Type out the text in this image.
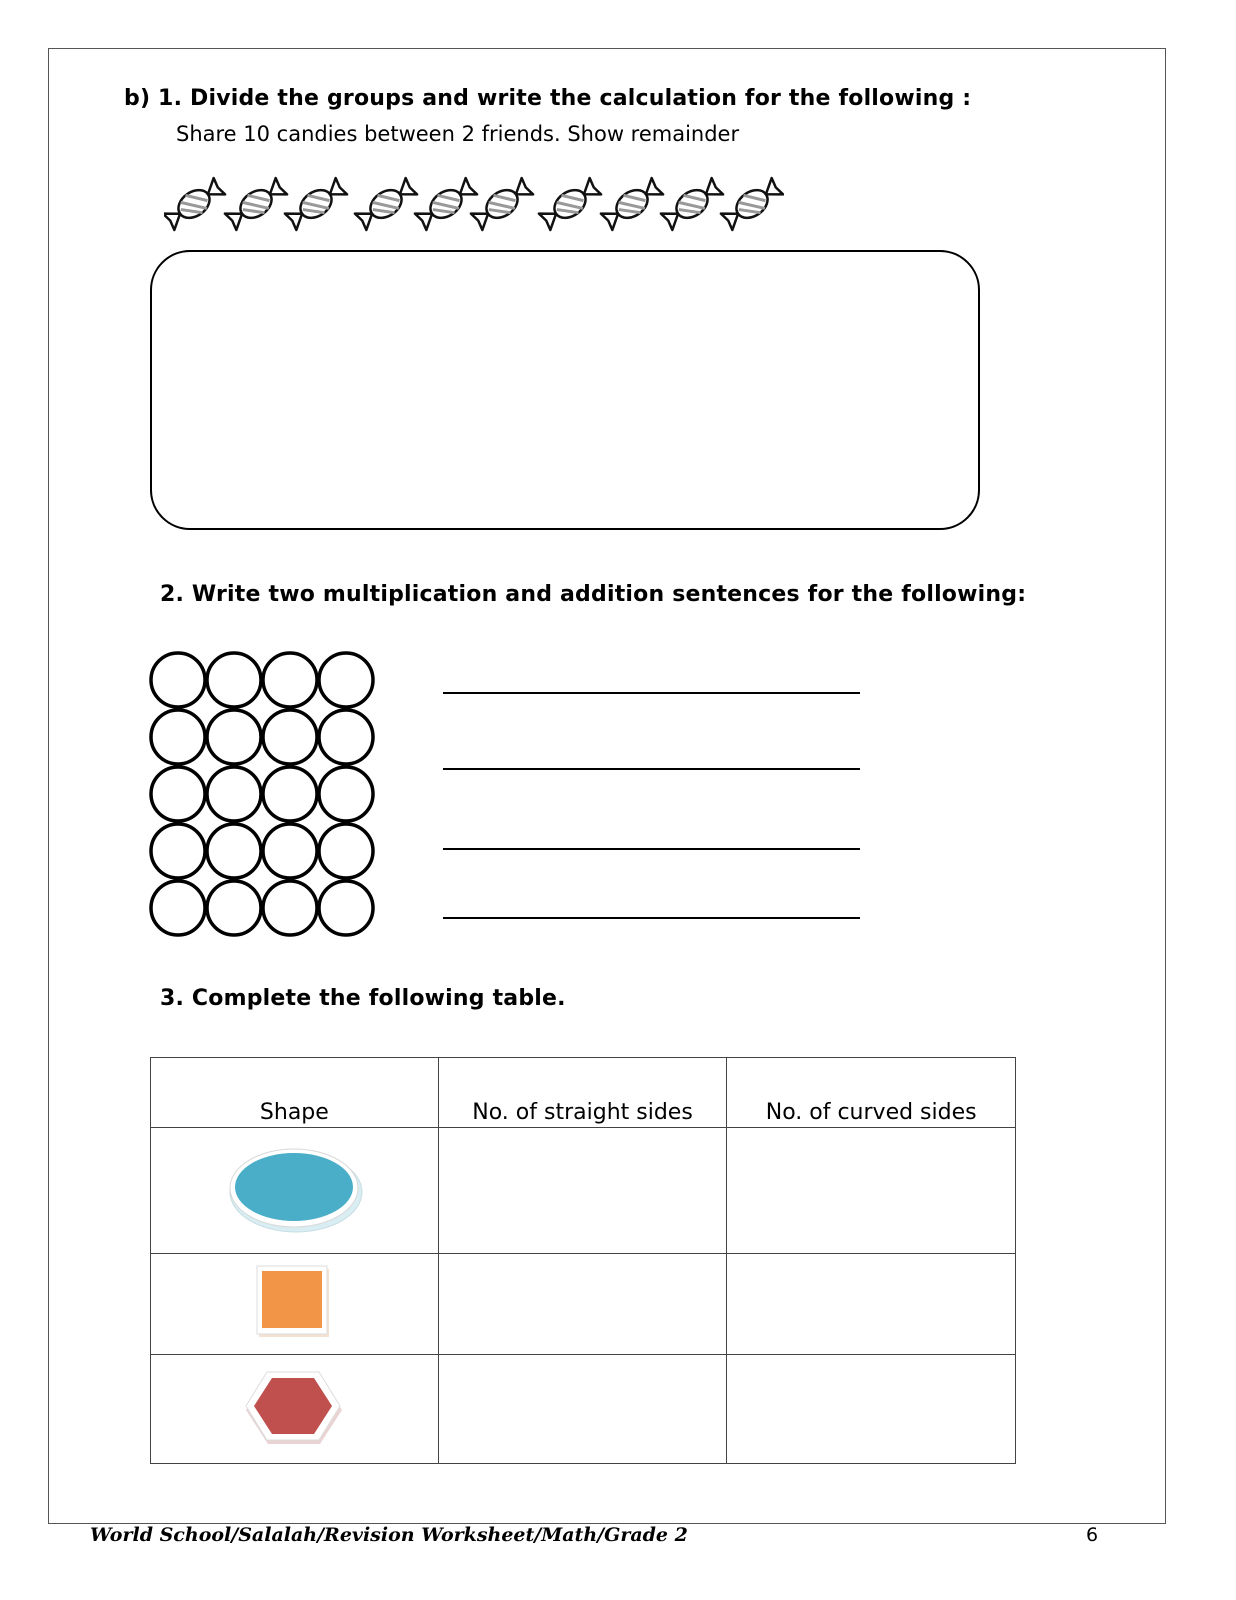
b) 1. Divide the groups and write the calculation for the following :
Share 10 candies between 2 friends. Show remainder
2. Write two multiplication and addition sentences for the following:
3. Complete the following table.
Shape	No. of straight sides	No. of curved sides

World School/Salalah/Revision Worksheet/Math/Grade 2	6
